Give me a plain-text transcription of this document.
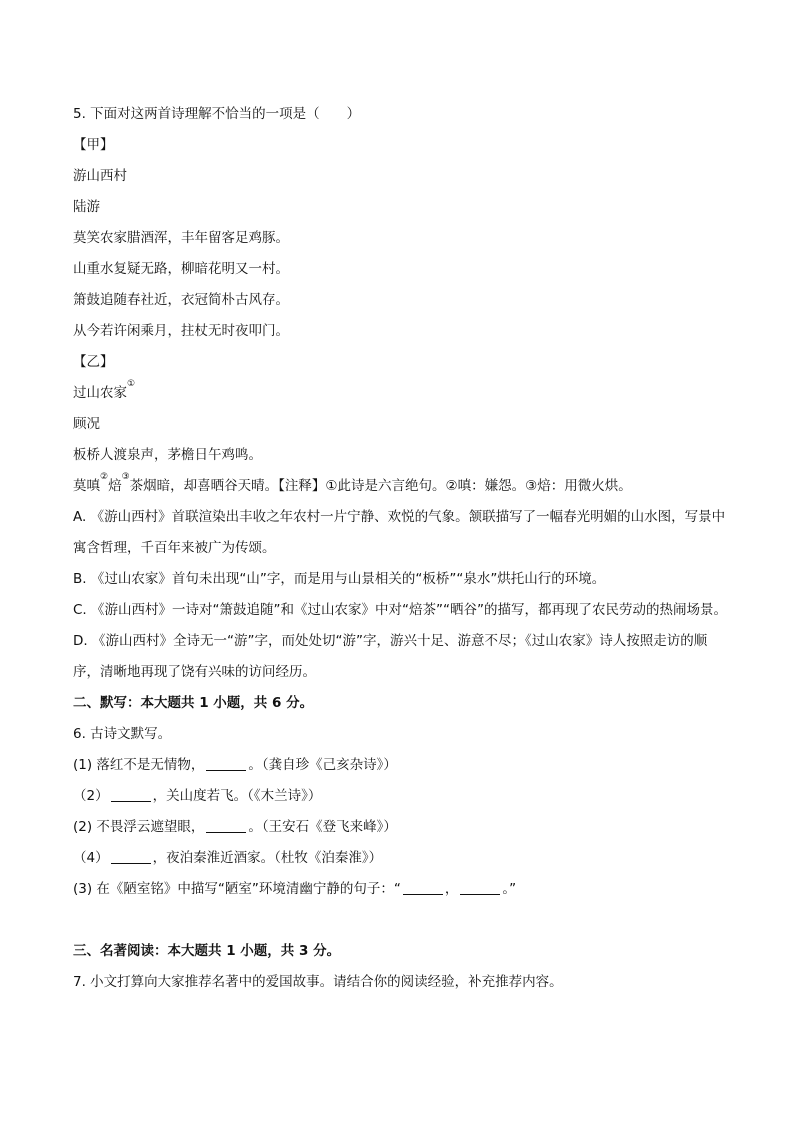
5. 下面对这两首诗理解不恰当的一项是（　　）
【甲】
游山西村
陆游
莫笑农家腊酒浑，丰年留客足鸡豚。
山重水复疑无路，柳暗花明又一村。
箫鼓追随春社近，衣冠简朴古风存。
从今若许闲乘月，拄杖无时夜叩门。
【乙】
过山农家①
顾况
板桥人渡泉声，茅檐日午鸡鸣。
莫嗔②焙③茶烟暗，却喜晒谷天晴。【注释】①此诗是六言绝句。②嗔：嫌怨。③焙：用微火烘。
A. 《游山西村》首联渲染出丰收之年农村一片宁静、欢悦的气象。颔联描写了一幅春光明媚的山水图，写景中寓含哲理，千百年来被广为传颂。
B. 《过山农家》首句未出现“山”字，而是用与山景相关的“板桥”“泉水”烘托山行的环境。
C. 《游山西村》一诗对“箫鼓追随”和《过山农家》中对“焙茶”“晒谷”的描写，都再现了农民劳动的热闹场景。
D. 《游山西村》全诗无一“游”字，而处处切“游”字，游兴十足、游意不尽；《过山农家》诗人按照走访的顺序，清晰地再现了饶有兴味的访问经历。
二、默写：本大题共 1 小题，共 6 分。
6. 古诗文默写。
(1) 落红不是无情物，	。（龚自珍《己亥杂诗》）
（2）	，关山度若飞。（《木兰诗》）
(2) 不畏浮云遮望眼，	。（王安石《登飞来峰》）
（4）	，夜泊秦淮近酒家。（杜牧《泊秦淮》）
(3) 在《陋室铭》中描写“陋室”环境清幽宁静的句子：“	，	。”
三、名著阅读：本大题共 1 小题，共 3 分。
7. 小文打算向大家推荐名著中的爱国故事。请结合你的阅读经验，补充推荐内容。
